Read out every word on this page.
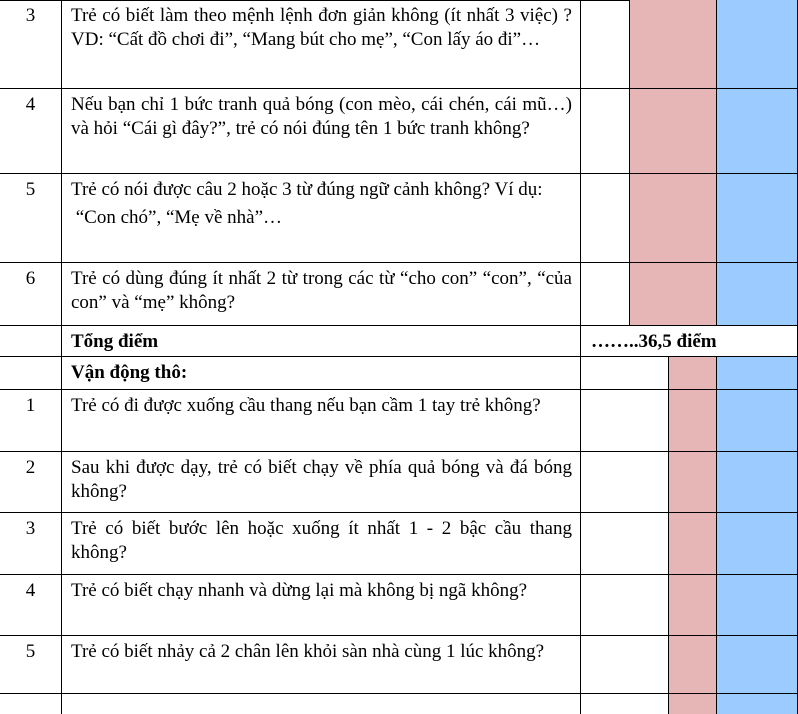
3	Trẻ có biết làm theo mệnh lệnh đơn giản không (ít nhất 3 việc) ? VD: “Cất đồ chơi đi”, “Mang bút cho mẹ”, “Con lấy áo đi”…

4	Nếu bạn chỉ 1 bức tranh quả bóng (con mèo, cái chén, cái mũ…) và hỏi “Cái gì đây?”, trẻ có nói đúng tên 1 bức tranh không?

5	Trẻ có nói được câu 2 hoặc 3 từ đúng ngữ cảnh không? Ví dụ:

“Con chó”, “Mẹ về nhà”…

6	Trẻ có dùng đúng ít nhất 2 từ trong các từ “cho con” “con”, “của con” và “mẹ” không?

Tổng điểm	……..36,5 điểm
Vận động thô:
1	Trẻ có đi được xuống cầu thang nếu bạn cầm 1 tay trẻ không?

2	Sau khi được dạy, trẻ có biết chạy về phía quả bóng và đá bóng không?

3	Trẻ có biết bước lên hoặc xuống ít nhất 1 - 2 bậc cầu thang không?

4	Trẻ có biết chạy nhanh và dừng lại mà không bị ngã không?

5	Trẻ có biết nhảy cả 2 chân lên khỏi sàn nhà cùng 1 lúc không?
